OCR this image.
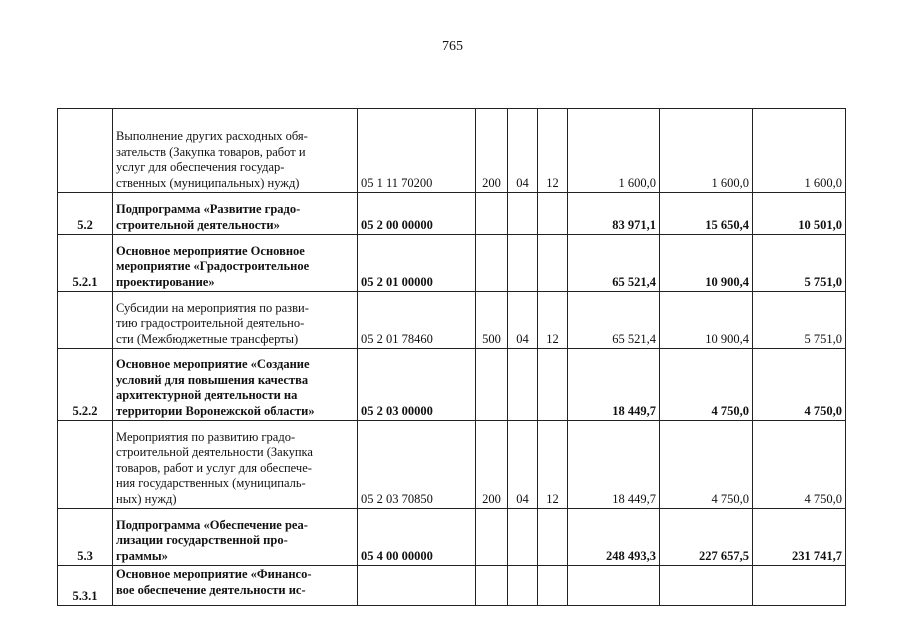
765
	Выполнение других расходных обя-
зательств (Закупка товаров, работ и
услуг для обеспечения государ-
ственных (муниципальных) нужд)	05 1 11 70200	200	04	12	1 600,0	1 600,0	1 600,0
5.2	Подпрограмма «Развитие градо-
строительной деятельности»	05 2 00 00000				83 971,1	15 650,4	10 501,0
5.2.1	Основное мероприятие Основное
мероприятие «Градостроительное
проектирование»	05 2 01 00000				65 521,4	10 900,4	5 751,0
	Субсидии на мероприятия по разви-
тию градостроительной деятельно-
сти (Межбюджетные трансферты)	05 2 01 78460	500	04	12	65 521,4	10 900,4	5 751,0
5.2.2	Основное мероприятие «Создание
условий для повышения качества
архитектурной деятельности на
территории Воронежской области»	05 2 03 00000				18 449,7	4 750,0	4 750,0
	Мероприятия по развитию градо-
строительной деятельности (Закупка
товаров, работ и услуг для обеспече-
ния государственных (муниципаль-
ных) нужд)	05 2 03 70850	200	04	12	18 449,7	4 750,0	4 750,0
5.3	Подпрограмма «Обеспечение реа-
лизации государственной про-
граммы»	05 4 00 00000				248 493,3	227 657,5	231 741,7
5.3.1	Основное мероприятие «Финансо-
вое обеспечение деятельности ис-							
